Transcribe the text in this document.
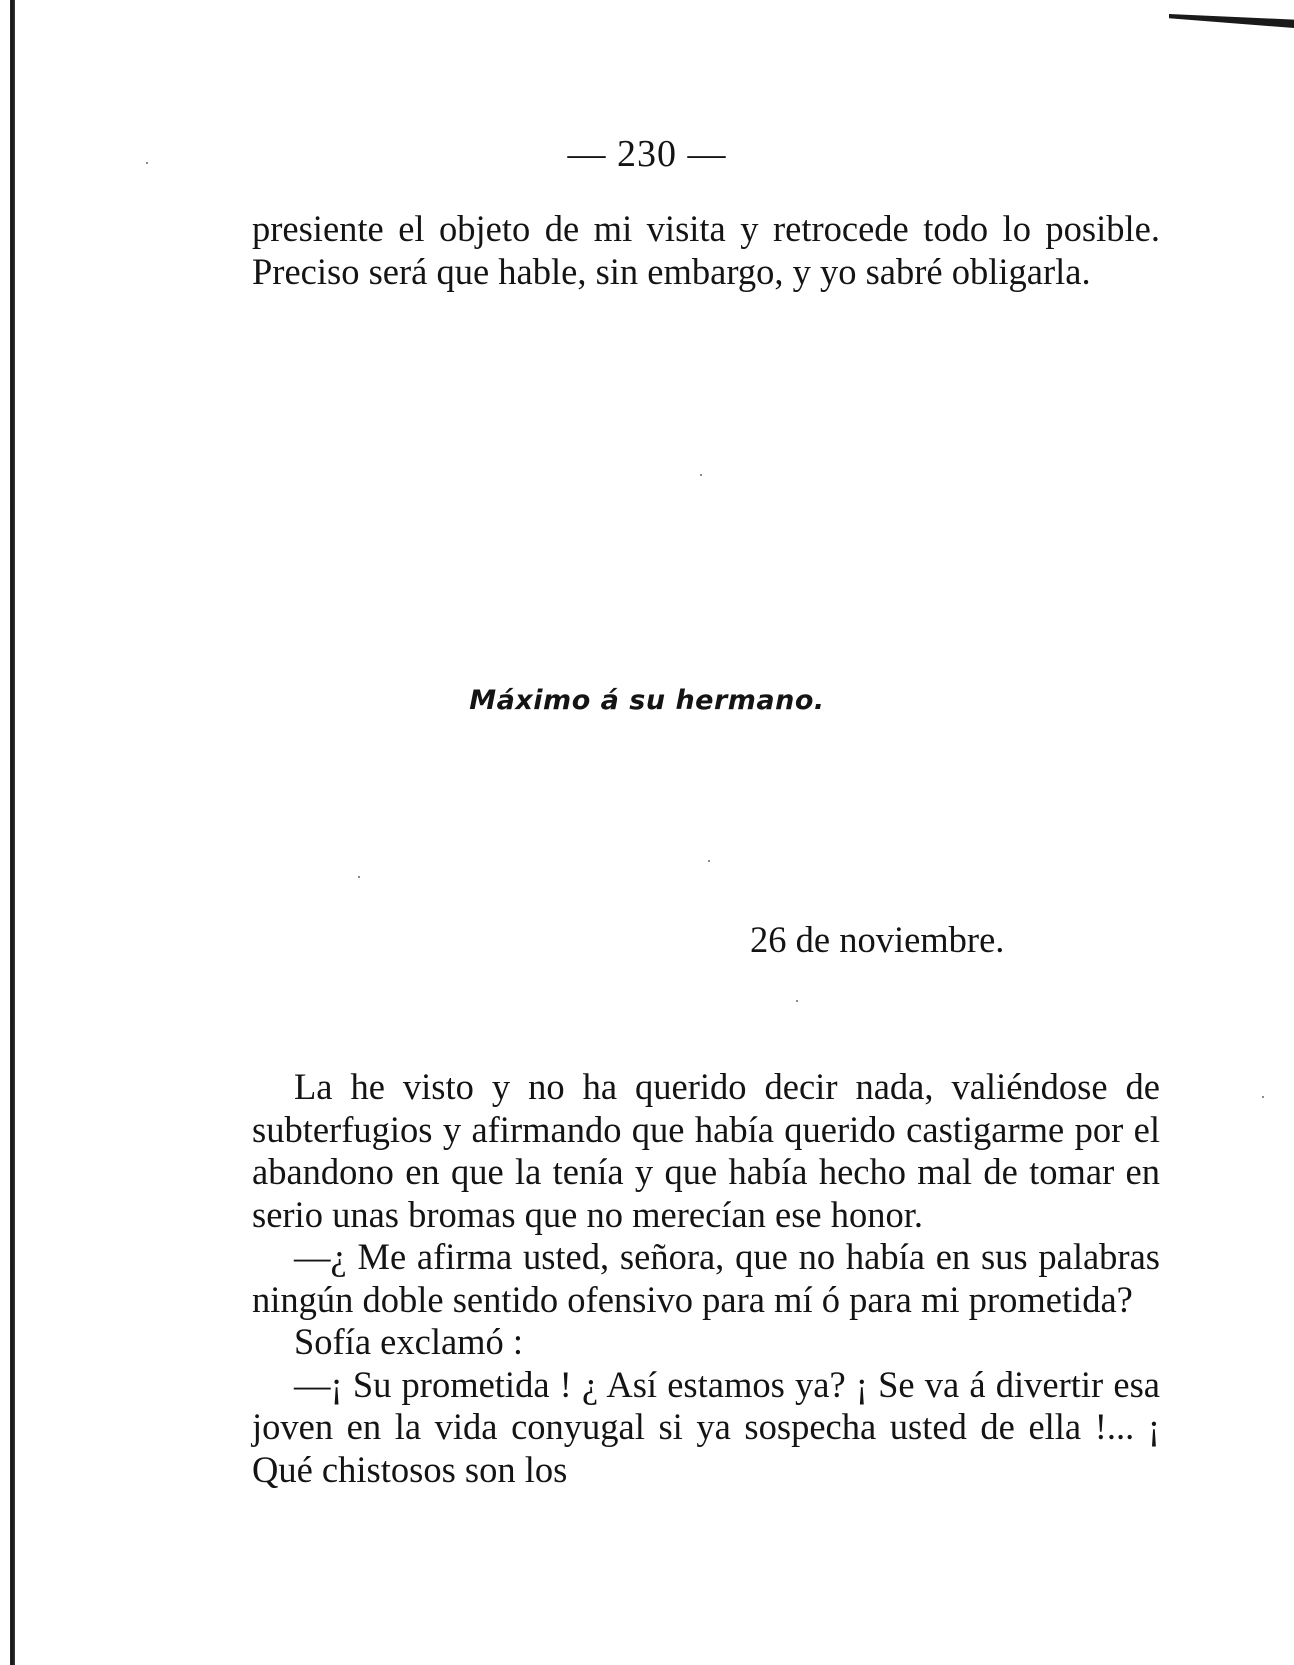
— 230 —

presiente el objeto de mi visita y retrocede todo lo posible. Preciso será que hable, sin embargo, y yo sabré obligarla.

Máximo á su hermano.
26 de noviembre.

La he visto y no ha querido decir nada, valiéndose de subterfugios y afirmando que había querido castigarme por el abandono en que la tenía y que había hecho mal de tomar en serio unas bromas que no merecían ese honor.

—¿ Me afirma usted, señora, que no había en sus palabras ningún doble sentido ofensivo para mí ó para mi prometida?

Sofía exclamó :

—¡ Su prometida ! ¿ Así estamos ya? ¡ Se va á divertir esa joven en la vida conyugal si ya sospecha usted de ella !... ¡ Qué chistosos son los
